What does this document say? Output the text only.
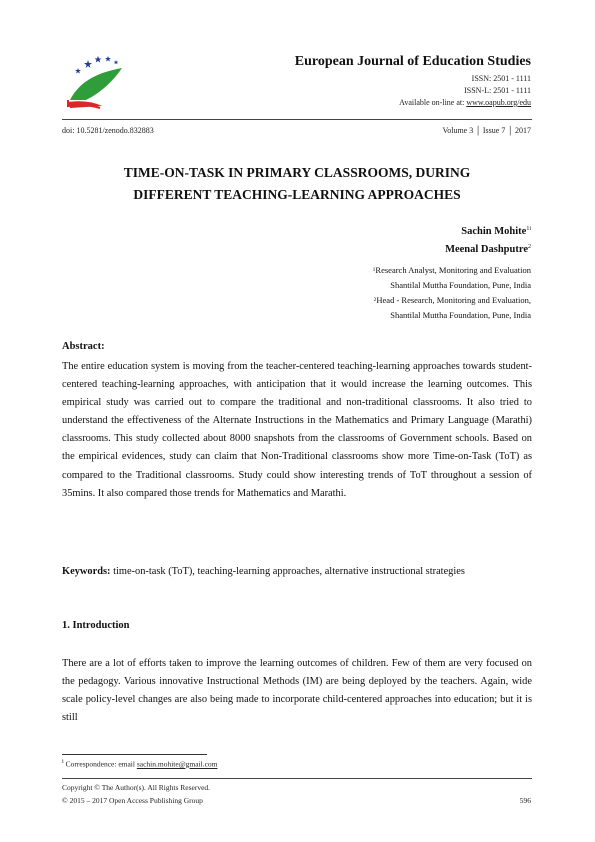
European Journal of Education Studies
ISSN: 2501 - 1111
ISSN-L: 2501 - 1111
Available on-line at: www.oapub.org/edu
doi: 10.5281/zenodo.832883	Volume 3 │ Issue 7 │ 2017
TIME-ON-TASK IN PRIMARY CLASSROOMS, DURING
DIFFERENT TEACHING-LEARNING APPROACHES
Sachin Mohite$^{1i}$
Meenal Dashputre$^2$
$^1$Research Analyst, Monitoring and Evaluation
Shantilal Muttha Foundation, Pune, India
$^2$Head - Research, Monitoring and Evaluation,
Shantilal Muttha Foundation, Pune, India
Abstract:
The entire education system is moving from the teacher-centered teaching-learning approaches towards student-centered teaching-learning approaches, with anticipation that it would increase the learning outcomes. This empirical study was carried out to compare the traditional and non-traditional classrooms. It also tried to understand the effectiveness of the Alternate Instructions in the Mathematics and Primary Language (Marathi) classrooms. This study collected about 8000 snapshots from the classrooms of Government schools. Based on the empirical evidences, study can claim that Non-Traditional classrooms show more Time-on-Task (ToT) as compared to the Traditional classrooms. Study could show interesting trends of ToT throughout a session of 35mins. It also compared those trends for Mathematics and Marathi.
Keywords: time-on-task (ToT), teaching-learning approaches, alternative instructional strategies
1. Introduction
There are a lot of efforts taken to improve the learning outcomes of children. Few of them are very focused on the pedagogy. Various innovative Instructional Methods (IM) are being deployed by the teachers. Again, wide scale policy-level changes are also being made to incorporate child-centered approaches into education; but it is still
$^i$ Correspondence: email sachin.mohite@gmail.com
Copyright © The Author(s). All Rights Reserved.
© 2015 – 2017 Open Access Publishing Group	596
